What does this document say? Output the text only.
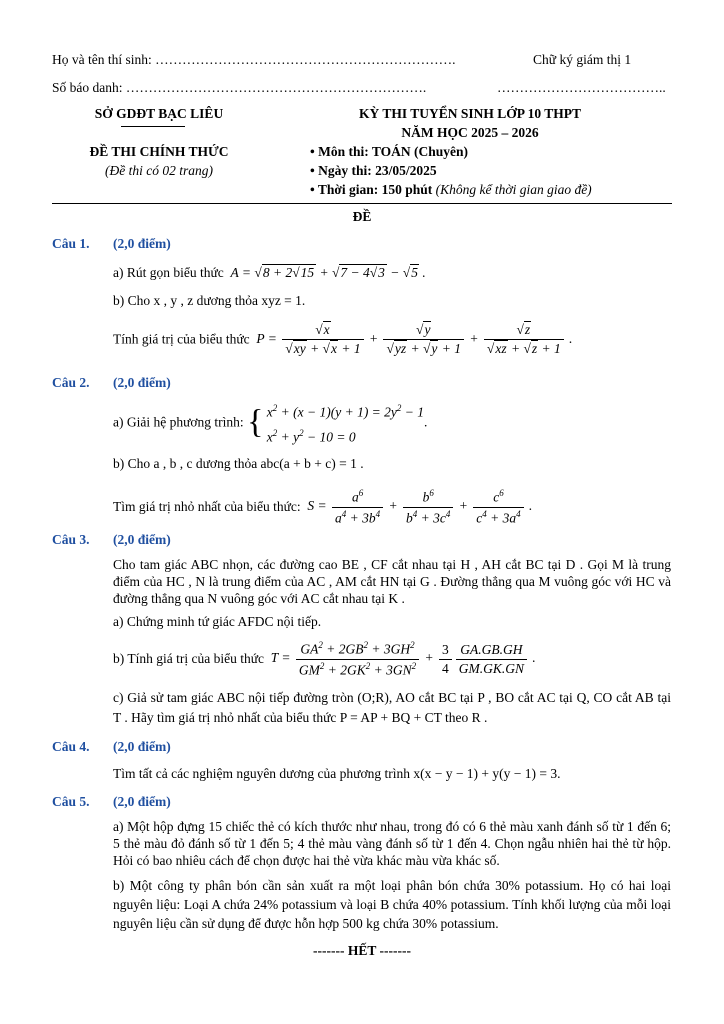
Họ và tên thí sinh: ………………………………………………………….	Chữ ký giám thị 1
Số báo danh: ………………………………………………………….	………………………………..
SỞ GDĐT BẠC LIÊU
ĐỀ THI CHÍNH THỨC
(Đề thi có 02 trang)
KỲ THI TUYỂN SINH LỚP 10 THPT
NĂM HỌC 2025 – 2026
• Môn thi: TOÁN (Chuyên)
• Ngày thi: 23/05/2025
• Thời gian: 150 phút (Không kể thời gian giao đề)
ĐỀ
Câu 1. (2,0 điểm)
a) Rút gọn biểu thức  A = √8 + 2√15 + √7 − 4√3 − √5 .
b) Cho x , y , z dương thỏa xyz = 1.
Tính giá trị của biểu thức  $P = \frac{√x}{√xy + √x + 1} + \frac{√y}{√yz + √y + 1} + \frac{√z}{√xz + √z + 1}$ .
Câu 2. (2,0 điểm)
a) Giải hệ phương trình: { $x^2 + (x - 1)(y + 1) = 2y^2 - 1$
$x^2 + y^2 - 10 = 0$.
b) Cho a , b , c dương thỏa abc(a + b + c) = 1 .
Tìm giá trị nhỏ nhất của biểu thức:  $S = \frac{a^6}{a^4 + 3b^4} + \frac{b^6}{b^4 + 3c^4} + \frac{c^6}{c^4 + 3a^4}$ .
Câu 3. (2,0 điểm)
Cho tam giác ABC nhọn, các đường cao BE , CF cắt nhau tại H , AH cắt BC tại D . Gọi M là trung điểm của HC , N là trung điểm của AC , AM cắt HN tại G . Đường thẳng qua M vuông góc với HC và đường thẳng qua N vuông góc với AC cắt nhau tại K .
a) Chứng minh tứ giác AFDC nội tiếp.
b) Tính giá trị của biểu thức  $T = \frac{GA^2 + 2GB^2 + 3GH^2}{GM^2 + 2GK^2 + 3GN^2} + \frac{3}{4} \frac{GA.GB.GH}{GM.GK.GN}$ .
c) Giả sử tam giác ABC nội tiếp đường tròn (O;R), AO cắt BC tại P , BO cắt AC tại Q, CO cắt AB tại T . Hãy tìm giá trị nhỏ nhất của biểu thức P = AP + BQ + CT theo R .
Câu 4. (2,0 điểm)
Tìm tất cả các nghiệm nguyên dương của phương trình x(x − y − 1) + y(y − 1) = 3.
Câu 5. (2,0 điểm)
a) Một hộp đựng 15 chiếc thẻ có kích thước như nhau, trong đó có 6 thẻ màu xanh đánh số từ 1 đến 6; 5 thẻ màu đỏ đánh số từ 1 đến 5; 4 thẻ màu vàng đánh số từ 1 đến 4. Chọn ngẫu nhiên hai thẻ từ hộp. Hỏi có bao nhiêu cách để chọn được hai thẻ vừa khác màu vừa khác số.
b) Một công ty phân bón cần sản xuất ra một loại phân bón chứa 30% potassium. Họ có hai loại nguyên liệu: Loại A chứa 24% potassium và loại B chứa 40% potassium. Tính khối lượng của mỗi loại nguyên liệu cần sử dụng để được hỗn hợp 500 kg chứa 30% potassium.
------- HẾT -------
